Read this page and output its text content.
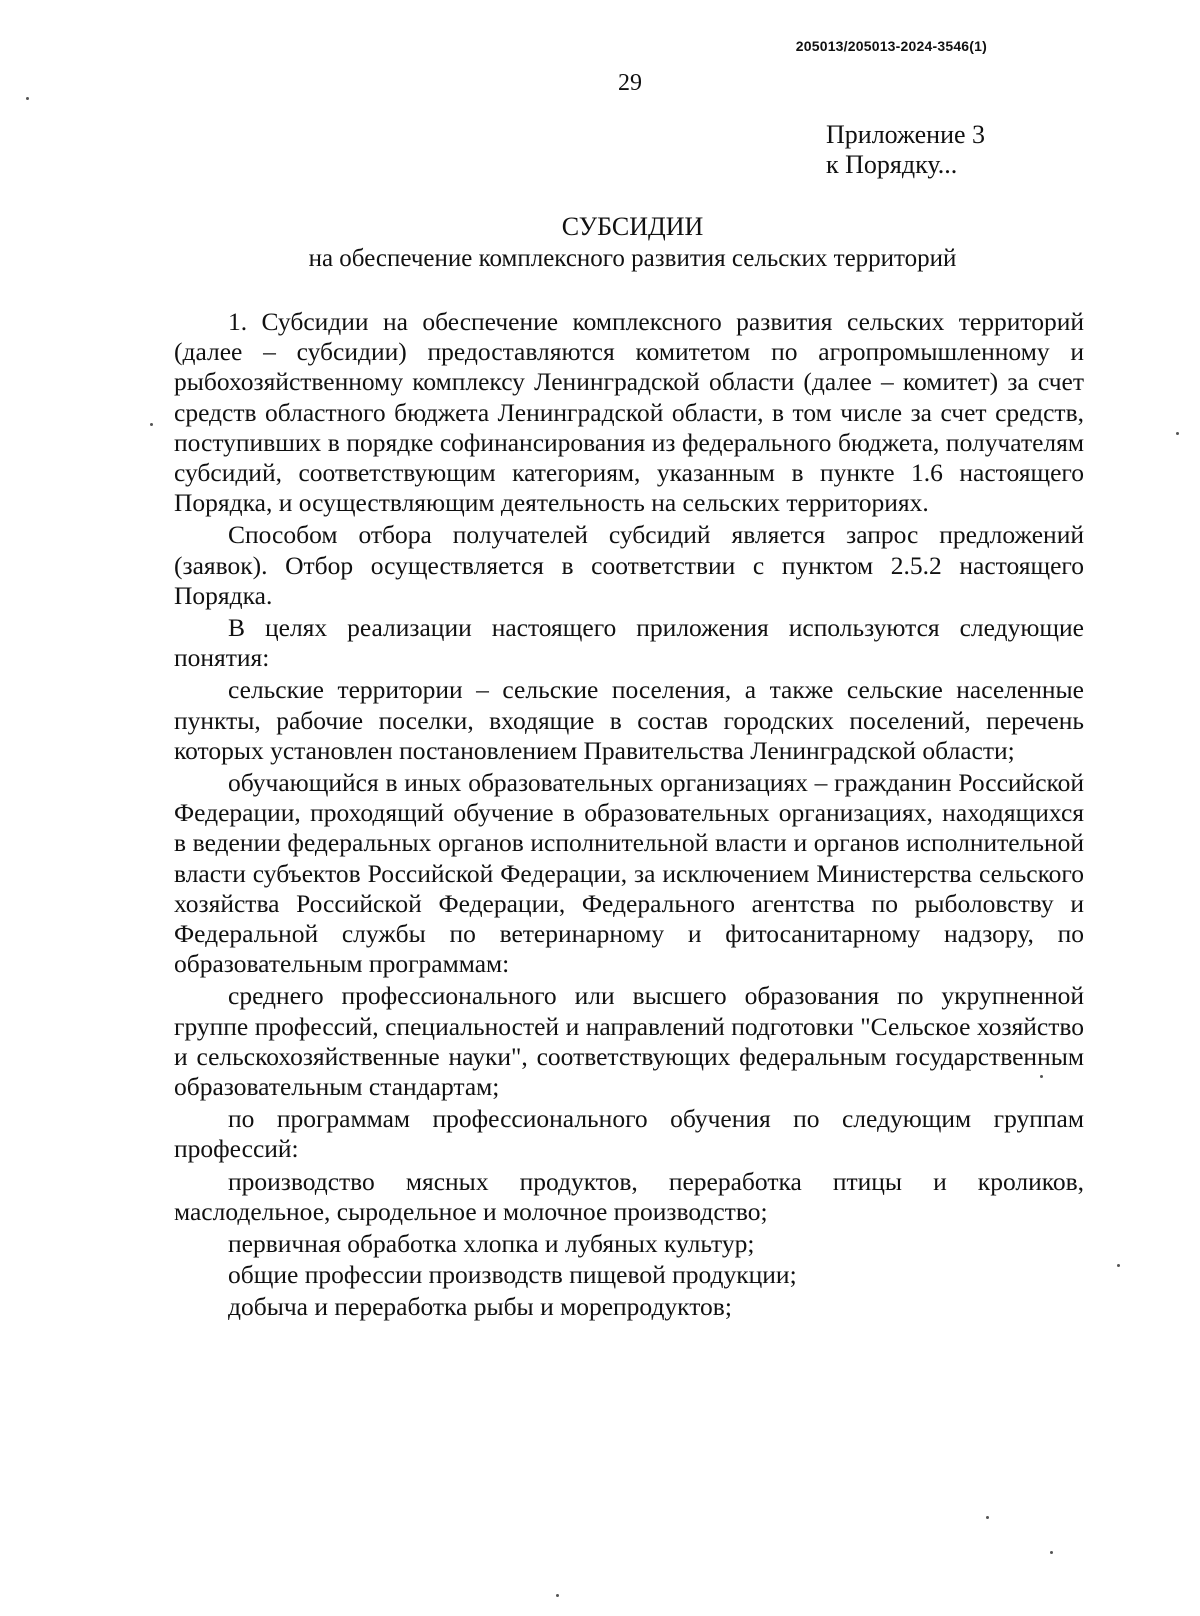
205013/205013-2024-3546(1)
29
Приложение 3
к Порядку...
СУБСИДИИ
на обеспечение комплексного развития сельских территорий

1. Субсидии на обеспечение комплексного развития сельских территорий (далее – субсидии) предоставляются комитетом по агропромышленному и рыбохозяйственному комплексу Ленинградской области (далее – комитет) за счет средств областного бюджета Ленинградской области, в том числе за счет средств, поступивших в порядке софинансирования из федерального бюджета, получателям субсидий, соответствующим категориям, указанным в пункте 1.6 настоящего Порядка, и осуществляющим деятельность на сельских территориях.

Способом отбора получателей субсидий является запрос предложений (заявок). Отбор осуществляется в соответствии с пунктом 2.5.2 настоящего Порядка.

В целях реализации настоящего приложения используются следующие понятия:

сельские территории – сельские поселения, а также сельские населенные пункты, рабочие поселки, входящие в состав городских поселений, перечень которых установлен постановлением Правительства Ленинградской области;

обучающийся в иных образовательных организациях – гражданин Российской Федерации, проходящий обучение в образовательных организациях, находящихся в ведении федеральных органов исполнительной власти и органов исполнительной власти субъектов Российской Федерации, за исключением Министерства сельского хозяйства Российской Федерации, Федерального агентства по рыболовству и Федеральной службы по ветеринарному и фитосанитарному надзору, по образовательным программам:

среднего профессионального или высшего образования по укрупненной группе профессий, специальностей и направлений подготовки "Сельское хозяйство и сельскохозяйственные науки", соответствующих федеральным государственным образовательным стандартам;

по программам профессионального обучения по следующим группам профессий:

производство мясных продуктов, переработка птицы и кроликов, маслодельное, сыродельное и молочное производство;

первичная обработка хлопка и лубяных культур;

общие профессии производств пищевой продукции;

добыча и переработка рыбы и морепродуктов;
